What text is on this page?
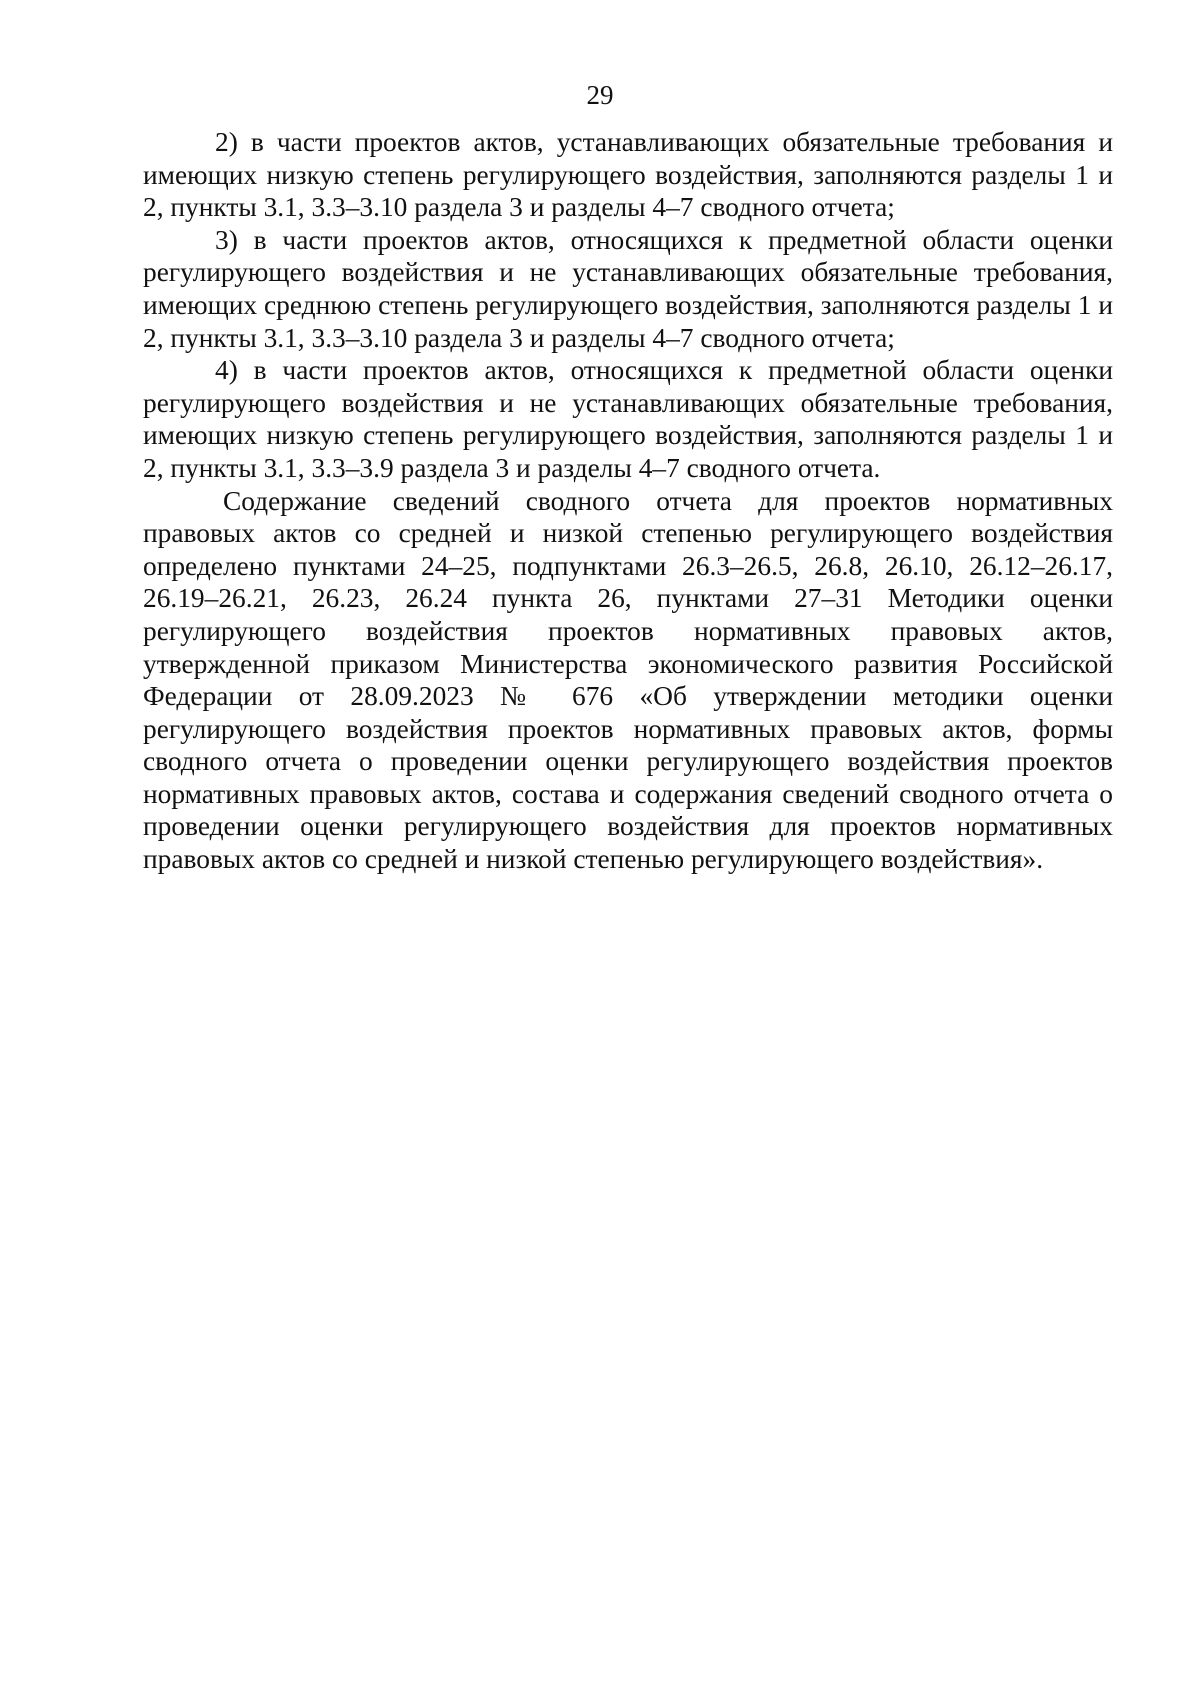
29

2) в части проектов актов, устанавливающих обязательные требования и имеющих низкую степень регулирующего воздействия, заполняются разделы 1 и 2, пункты 3.1, 3.3–3.10 раздела 3 и разделы 4–7 сводного отчета;

3) в части проектов актов, относящихся к предметной области оценки регулирующего воздействия и не устанавливающих обязательные требования, имеющих среднюю степень регулирующего воздействия, заполняются разделы 1 и 2, пункты 3.1, 3.3–3.10 раздела 3 и разделы 4–7 сводного отчета;

4) в части проектов актов, относящихся к предметной области оценки регулирующего воздействия и не устанавливающих обязательные требования, имеющих низкую степень регулирующего воздействия, заполняются разделы 1 и 2, пункты 3.1, 3.3–3.9 раздела 3 и разделы 4–7 сводного отчета.

Содержание сведений сводного отчета для проектов нормативных правовых актов со средней и низкой степенью регулирующего воздействия определено пунктами 24–25, подпунктами 26.3–26.5, 26.8, 26.10, 26.12–26.17, 26.19–26.21, 26.23, 26.24 пункта 26, пунктами 27–31 Методики оценки регулирующего воздействия проектов нормативных правовых актов, утвержденной приказом Министерства экономического развития Российской Федерации от 28.09.2023 № 676 «Об утверждении методики оценки регулирующего воздействия проектов нормативных правовых актов, формы сводного отчета о проведении оценки регулирующего воздействия проектов нормативных правовых актов, состава и содержания сведений сводного отчета о проведении оценки регулирующего воздействия для проектов нормативных правовых актов со средней и низкой степенью регулирующего воздействия».
